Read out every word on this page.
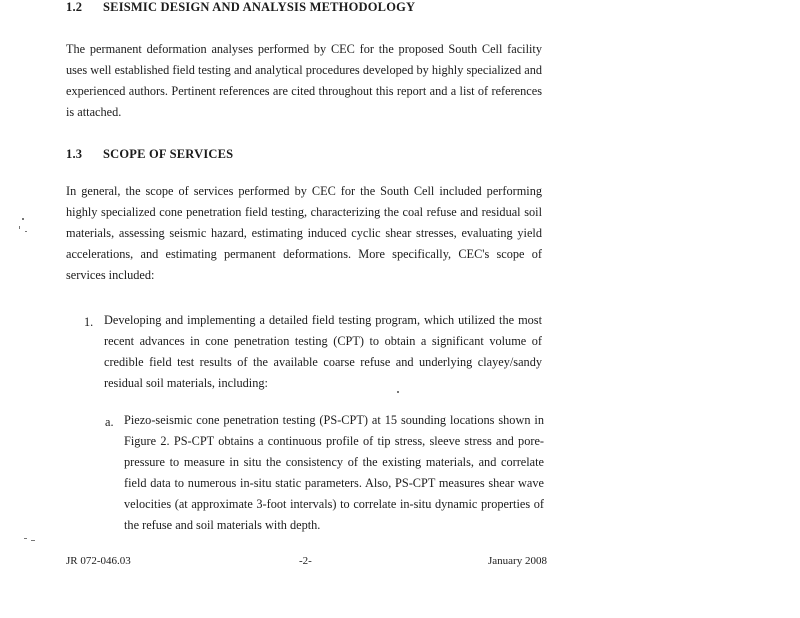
1.2 SEISMIC DESIGN AND ANALYSIS METHODOLOGY

The permanent deformation analyses performed by CEC for the proposed South Cell facility uses well established field testing and analytical procedures developed by highly specialized and experienced authors. Pertinent references are cited throughout this report and a list of references is attached.

1.3 SCOPE OF SERVICES

In general, the scope of services performed by CEC for the South Cell included performing highly specialized cone penetration field testing, characterizing the coal refuse and residual soil materials, assessing seismic hazard, estimating induced cyclic shear stresses, evaluating yield accelerations, and estimating permanent deformations. More specifically, CEC's scope of services included:

1. Developing and implementing a detailed field testing program, which utilized the most recent advances in cone penetration testing (CPT) to obtain a significant volume of credible field test results of the available coarse refuse and underlying clayey/sandy residual soil materials, including:

a. Piezo-seismic cone penetration testing (PS-CPT) at 15 sounding locations shown in Figure 2. PS-CPT obtains a continuous profile of tip stress, sleeve stress and pore-pressure to measure in situ the consistency of the existing materials, and correlate field data to numerous in-situ static parameters. Also, PS-CPT measures shear wave velocities (at approximate 3-foot intervals) to correlate in-situ dynamic properties of the refuse and soil materials with depth.

JR 072-046.03	-2-	January 2008
